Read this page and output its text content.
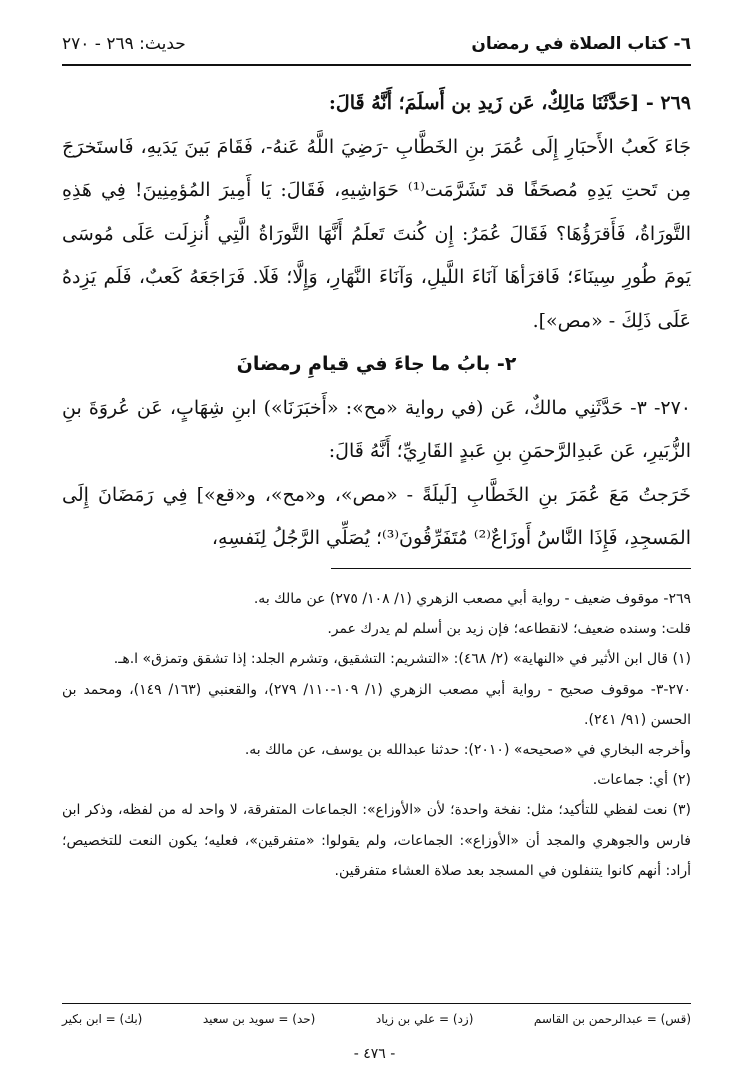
٦- كتاب الصلاة في رمضان
حديث: ٢٦٩ - ٢٧٠

٢٦٩ - [حَدَّثَنَا مَالِكٌ، عَن زَيدِ بن أَسلَمَ؛ أَنَّهُ قَالَ:

جَاءَ كَعبُ الأَحبَارِ إِلَى عُمَرَ بنِ الخَطَّابِ -رَضِيَ اللَّهُ عَنهُ-، فَقَامَ بَينَ يَدَيهِ، فَاستَخرَجَ مِن تَحتِ يَدِهِ مُصحَفًا قد تَشَرَّمَت⁽¹⁾ حَوَاشِيهِ، فَقَالَ: يَا أَمِيرَ المُؤمِنِينَ! فِي هَذِهِ التَّورَاةُ، فَأَقرَؤُهَا؟ فَقَالَ عُمَرُ: إِن كُنتَ تَعلَمُ أَنَّهَا التَّورَاةُ الَّتِي أُنزِلَت عَلَى مُوسَى يَومَ طُورِ سِينَاءَ؛ فَاقرَأهَا آنَاءَ اللَّيلِ، وَآنَاءَ النَّهَارِ، وَإِلَّا؛ فَلَا. فَرَاجَعَهُ كَعبٌ، فَلَم يَزِدهُ عَلَى ذَلِكَ - «مص»].

٢- بابُ ما جاءَ في قيامِ رمضانَ

٢٧٠- ٣- حَدَّثَنِي مالكٌ، عَن (في رواية «مح»: «أَخبَرَنَا») ابنِ شِهَابٍ، عَن عُروَةَ بنِ الزُّبَيرِ، عَن عَبدِالرَّحمَنِ بنِ عَبدٍ القَارِيِّ؛ أَنَّهُ قَالَ:

خَرَجتُ مَعَ عُمَرَ بنِ الخَطَّابِ [لَيلَةً - «مص»، و«مح»، و«قع»] فِي رَمَضَانَ إِلَى المَسجِدِ، فَإِذَا النَّاسُ أَوزَاعٌ⁽²⁾ مُتَفَرِّقُونَ⁽³⁾؛ يُصَلِّي الرَّجُلُ لِنَفسِهِ،

٢٦٩- موقوف ضعيف - رواية أبي مصعب الزهري (١/ ١٠٨/ ٢٧٥) عن مالك به.

قلت: وسنده ضعيف؛ لانقطاعه؛ فإن زيد بن أسلم لم يدرك عمر.

(١) قال ابن الأثير في «النهاية» (٢/ ٤٦٨): «التشريم: التشقيق، وتشرم الجلد: إذا تشقق وتمزق» ا.هـ.

٢٧٠-٣- موقوف صحيح - رواية أبي مصعب الزهري (١/ ١٠٩-١١٠/ ٢٧٩)، والقعنبي (١٦٣/ ١٤٩)، ومحمد بن الحسن (٩١/ ٢٤١).

وأخرجه البخاري في «صحيحه» (٢٠١٠): حدثنا عبدالله بن يوسف، عن مالك به.

(٢) أي: جماعات.

(٣) نعت لفظي للتأكيد؛ مثل: نفخة واحدة؛ لأن «الأوزاع»: الجماعات المتفرقة، لا واحد له من لفظه، وذكر ابن فارس والجوهري والمجد أن «الأوزاع»: الجماعات، ولم يقولوا: «متفرقين»، فعليه؛ يكون النعت للتخصيص؛ أراد: أنهم كانوا يتنفلون في المسجد بعد صلاة العشاء متفرقين.

(قس) = عبدالرحمن بن القاسم
(زد) = علي بن زياد
(حد) = سويد بن سعيد
(بك) = ابن بكير
- ٤٧٦ -
